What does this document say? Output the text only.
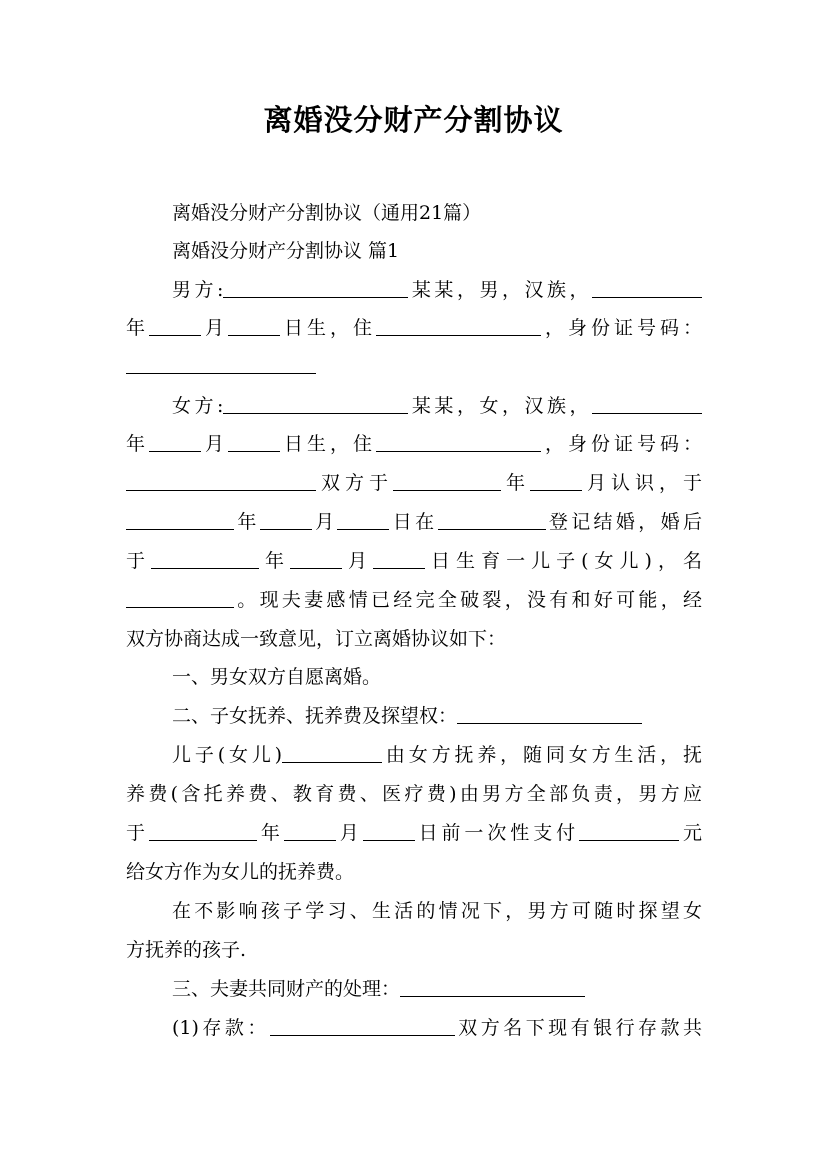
离婚没分财产分割协议
离婚没分财产分割协议（通用21篇）
离婚没分财产分割协议 篇1
男方:	某某，男，汉族，
年	月	日生，住	，身份证号码：
女方:	某某，女，汉族，
年	月	日生，住	，身份证号码：
双方于	年	月认识，于
年	月	日在	登记结婚，婚后
于	年	月	日生育一儿子(女儿)，名
。现夫妻感情已经完全破裂，没有和好可能，经
双方协商达成一致意见，订立离婚协议如下：
一、男女双方自愿离婚。
二、子女抚养、抚养费及探望权：
儿子(女儿)	由女方抚养，随同女方生活，抚
养费(含托养费、教育费、医疗费)由男方全部负责，男方应
于	年	月	日前一次性支付	元
给女方作为女儿的抚养费。
在不影响孩子学习、生活的情况下，男方可随时探望女
方抚养的孩子.
三、夫妻共同财产的处理：
(1)存款：	双方名下现有银行存款共
